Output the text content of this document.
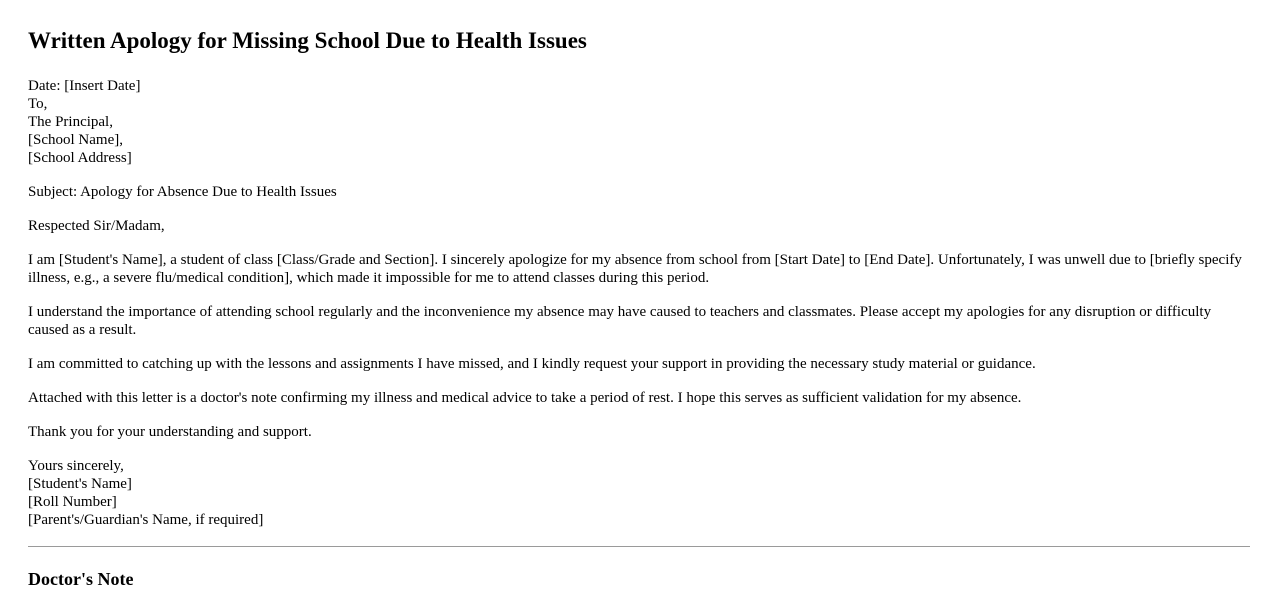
Written Apology for Missing School Due to Health Issues
Date: [Insert Date]
To,
The Principal,
[School Name],
[School Address]

Subject: Apology for Absence Due to Health Issues

Respected Sir/Madam,

I am [Student's Name], a student of class [Class/Grade and Section]. I sincerely apologize for my absence from school from [Start Date] to [End Date]. Unfortunately, I was unwell due to [briefly specify illness, e.g., a severe flu/medical condition], which made it impossible for me to attend classes during this period.

I understand the importance of attending school regularly and the inconvenience my absence may have caused to teachers and classmates. Please accept my apologies for any disruption or difficulty caused as a result.

I am committed to catching up with the lessons and assignments I have missed, and I kindly request your support in providing the necessary study material or guidance.

Attached with this letter is a doctor's note confirming my illness and medical advice to take a period of rest. I hope this serves as sufficient validation for my absence.

Thank you for your understanding and support.

Yours sincerely,
[Student's Name]
[Roll Number]
[Parent's/Guardian's Name, if required]
Doctor's Note
